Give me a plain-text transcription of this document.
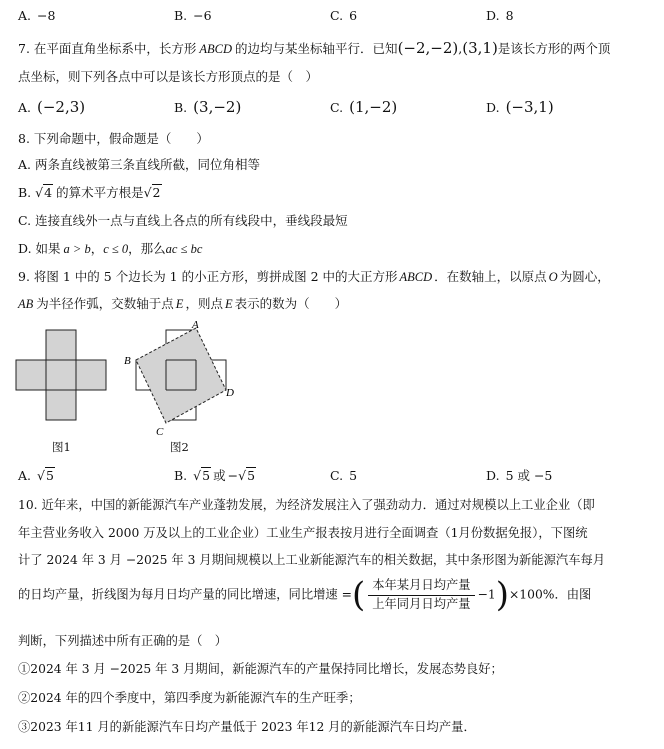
A. −8	B. −6	C. 6	D. 8
7. 在平面直角坐标系中，长方形 ABCD 的边均与某坐标轴平行．已知(−2,−2),(3,1)是该长方形的两个顶
点坐标，则下列各点中可以是该长方形顶点的是（　）
A. (−2,3)	B. (3,−2)	C. (1,−2)	D. (−3,1)
8. 下列命题中，假命题是（　　）
A. 两条直线被第三条直线所截，同位角相等
B. √4 的算术平方根是√2
C. 连接直线外一点与直线上各点的所有线段中，垂线段最短
D. 如果 a > b，c ≤ 0，那么ac ≤ bc
9. 将图 1 中的 5 个边长为 1 的小正方形，剪拼成图 2 中的大正方形 ABCD ．在数轴上，以原点 O 为圆心，
AB 为半径作弧，交数轴于点 E ，则点 E 表示的数为（　　）
A
B
C
D
图1	图2
A. √5	B. √5 或 −√5	C. 5	D. 5 或 −5
10. 近年来，中国的新能源汽车产业蓬勃发展，为经济发展注入了强劲动力．通过对规模以上工业企业（即
年主营业务收入 2000 万及以上的工业企业）工业生产报表按月进行全面调查（1月份数据免报），下图统
计了 2024 年 3 月 −2025 年 3 月期间规模以上工业新能源汽车的相关数据，其中条形图为新能源汽车每月
的日均产量，折线图为每月日均产量的同比增速，同比增速 =( $\frac{\text{本年某月日均产量}}{\text{上年同月日均产量}} -1)\times 100\%$．由图
判断，下列描述中所有正确的是（　）
①2024 年 3 月 −2025 年 3 月期间，新能源汽车的产量保持同比增长，发展态势良好；
②2024 年的四个季度中，第四季度为新能源汽车的生产旺季；
③2023 年11 月的新能源汽车日均产量低于 2023 年12 月的新能源汽车日均产量．
